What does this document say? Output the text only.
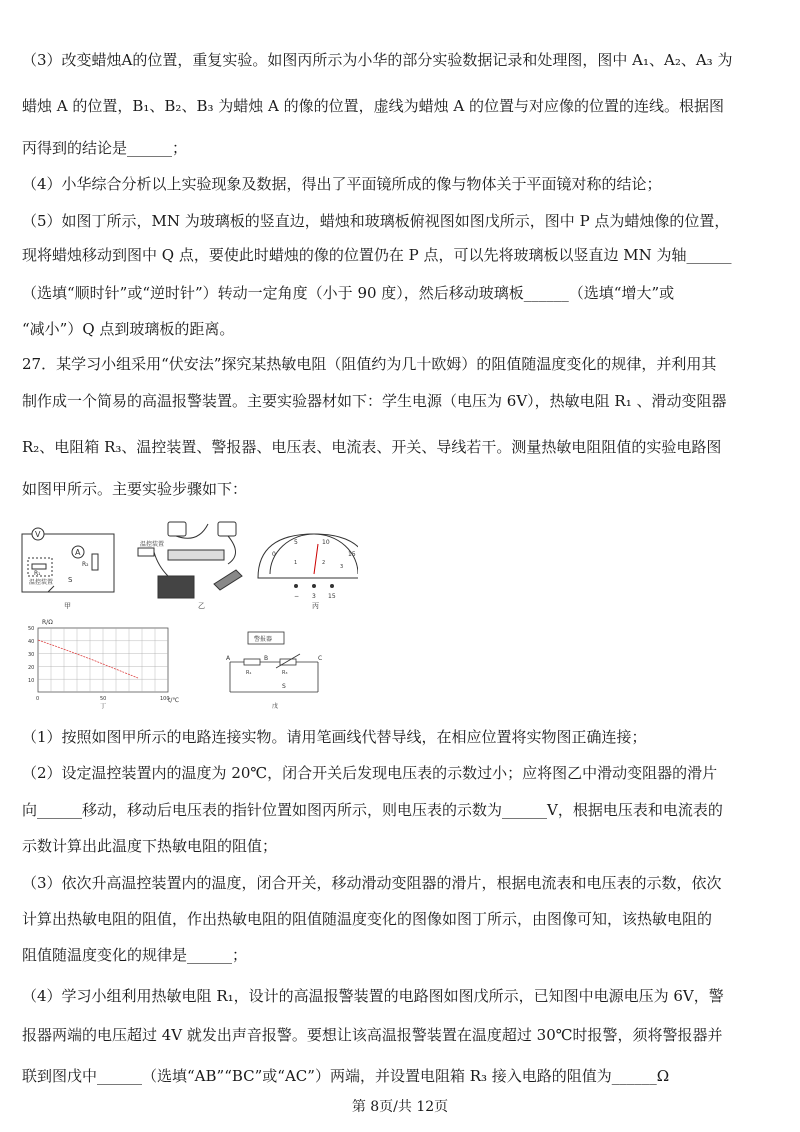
（3）改变蜡烛A的位置，重复实验。如图丙所示为小华的部分实验数据记录和处理图，图中 A₁、A₂、A₃ 为
蜡烛 A 的位置，B₁、B₂、B₃ 为蜡烛 A 的像的位置，虚线为蜡烛 A 的位置与对应像的位置的连线。根据图
丙得到的结论是______；
（4）小华综合分析以上实验现象及数据，得出了平面镜所成的像与物体关于平面镜对称的结论；
（5）如图丁所示，MN 为玻璃板的竖直边，蜡烛和玻璃板俯视图如图戊所示，图中 P 点为蜡烛像的位置，
现将蜡烛移动到图中 Q 点，要使此时蜡烛的像的位置仍在 P 点，可以先将玻璃板以竖直边 MN 为轴______
（选填“顺时针”或“逆时针”）转动一定角度（小于 90 度），然后移动玻璃板______（选填“增大”或
“减小”）Q 点到玻璃板的距离。
27．某学习小组采用“伏安法”探究某热敏电阻（阻值约为几十欧姆）的阻值随温度变化的规律，并利用其
制作成一个简易的高温报警装置。主要实验器材如下：学生电源（电压为 6V），热敏电阻 R₁ 、滑动变阻器
R₂、电阻箱 R₃、温控装置、警报器、电压表、电流表、开关、导线若干。测量热敏电阻阻值的实验电路图
如图甲所示。主要实验步骤如下：
V
A
R₁
R₂
温控装置 S
甲
温控装置
乙
0
5	10
15
1	2
3
− 3 15
丙
R/Ω
t/℃
50
40
30
20
10
0	50	100
丁
警报器
A	B	C
R₁	R₃
S
戊
（1）按照如图甲所示的电路连接实物。请用笔画线代替导线，在相应位置将实物图正确连接；
（2）设定温控装置内的温度为 20℃，闭合开关后发现电压表的示数过小；应将图乙中滑动变阻器的滑片
向______移动，移动后电压表的指针位置如图丙所示，则电压表的示数为______V，根据电压表和电流表的
示数计算出此温度下热敏电阻的阻值；
（3）依次升高温控装置内的温度，闭合开关，移动滑动变阻器的滑片，根据电流表和电压表的示数，依次
计算出热敏电阻的阻值，作出热敏电阻的阻值随温度变化的图像如图丁所示，由图像可知，该热敏电阻的
阻值随温度变化的规律是______；
（4）学习小组利用热敏电阻 R₁，设计的高温报警装置的电路图如图戊所示，已知图中电源电压为 6V，警
报器两端的电压超过 4V 就发出声音报警。要想让该高温报警装置在温度超过 30℃时报警，须将警报器并
联到图戊中______（选填“AB”“BC”或“AC”）两端，并设置电阻箱 R₃ 接入电路的阻值为______Ω
第 8页/共 12页
